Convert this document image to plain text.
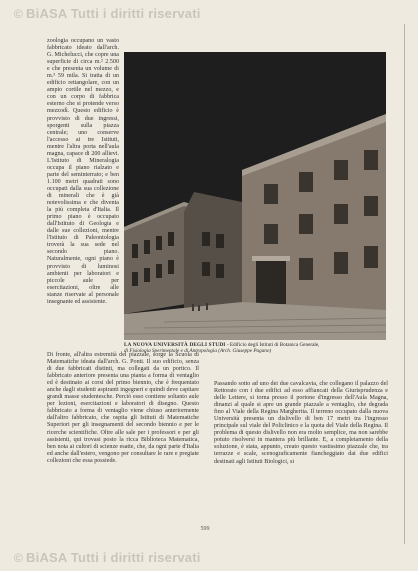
© BiASA Tutti i diritti riservati
zoologia occupano un vasto fabbricato ideato dall'arch. G. Michelucci, che copre una superficie di circa m.² 2.500 e che presenta un volume di m.³ 59 mila. Si tratta di un edificio rettangolare, con un ampio cortile nel mezzo, e con un corpo di fabbrica esterno che si protende verso mezzodì. Questo edificio è provvisto di due ingressi, sporgenti sulla piazza centrale; uno conserve l'accesso ai tre Istituti, mentre l'altra porta nell'aula magna, capace di 200 allievi. L'Istituto di Mineralogia occupa il piano rialzato e parte del seminterrato; e ben 1.100 metri quadrati sono occupati dalla sua collezione di minerali che è già notevolissima e che diventa la più completa d'Italia. Il primo piano è occupato dall'Istituto di Geologia e dalle sue collezioni, mentre l'Istituto di Paleontologia troverà la sua sede nel secondo piano. Naturalmente, ogni piano è provvisto di luminosi ambienti per laboratori e piccole aule per esercitazioni, oltre alle stanze riservate al personale insegnante ed assistente.
LA NUOVA UNIVERSITÀ DEGLI STUDI - Edificio degli Istituti di Botanica Generale,
di Fisiologia Sperimentale e di Antropologia (Arch. Giuseppe Pagano)
Di fronte, all'altra estremità del piazzale, sorge la Scuola di Matematiche ideata dall'arch. G. Ponti. Il suo edificio, senza di due fabbricati distinti, ma collegati da un portico. Il fabbricato anteriore presenta una pianta a forma di ventaglio ed è destinato ai corsi del primo biennio, che è frequentato anche dagli studenti aspiranti ingegneri e quindi deve capitare grandi masse studentesche. Perciò esso contiene soltanto aule per lezioni, esercitazioni e laboratori di disegno. Questo fabbricato a forma di ventaglio viene chiuso anteriormente dall'altro fabbricato, che ospita gli Istituti di Matematiche Superiori per gli insegnamenti del secondo biennio e per le ricerche scientifiche. Oltre alle sale per i professori e per gli assistenti, qui trovasi posto la ricca Biblioteca Matematica, ben nota ai cultori di scienze esatte, che, da ogni parte d'Italia ed anche dall'estero, vengono per consultare le rare e pregiate collezioni che essa possiede.
Passando sotto ad uno dei due cavalcavia, che collegano il palazzo del Rettorato con i due edifici ad esso affiancati della Giurisprudenza e delle Lettere, si torna presso il portone d'ingresso dell'Aula Magna, dinanzi al quale si apre un grande piazzale a ventaglio, che degrada fino al Viale della Regina Margherita. Il terreno occupato dalla nuova Università presenta un dislivello di ben 17 metri tra l'ingresso principale sul viale del Policlinico e la quota del Viale della Regina. Il problema di questo dislivello non era molto semplice, ma non sarebbe potuto risolversi in maniera più brillante. E, a completamento della soluzione, è stata, appunto, creato questo vastissimo piazzale che, tra terrazze e scale, scenograficamente fiancheggiato dai due edifici destinati agli Istituti Biologici, si
599
© BiASA Tutti i diritti riservati
